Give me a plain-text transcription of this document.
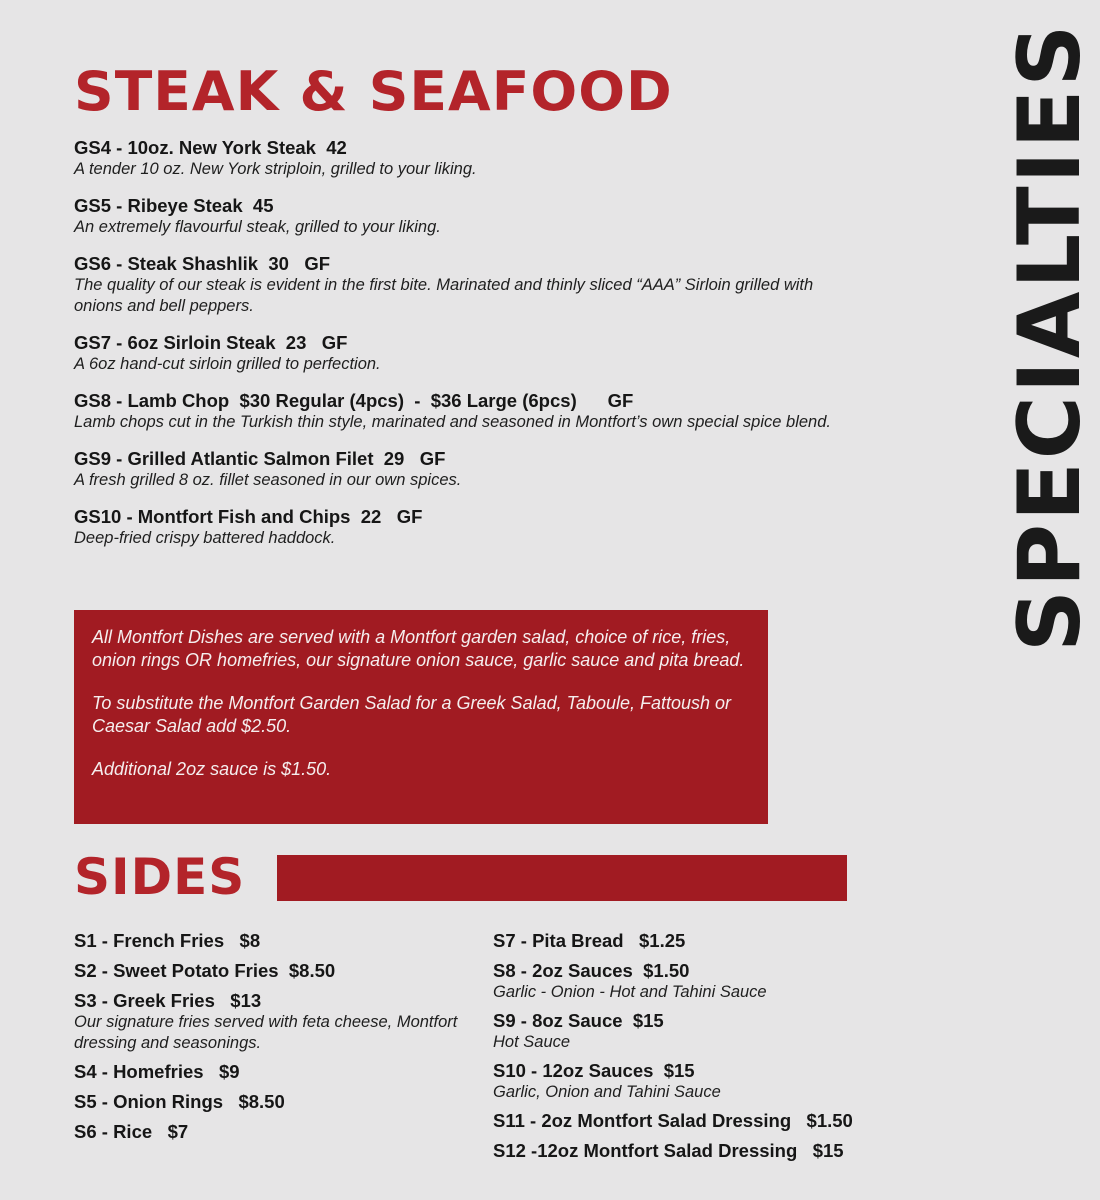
STEAK & SEAFOOD
GS4 - 10oz. New York Steak  42
A tender 10 oz. New York striploin, grilled to your liking.
GS5 - Ribeye Steak  45
An extremely flavourful steak, grilled to your liking.
GS6 - Steak Shashlik  30   GF
The quality of our steak is evident in the first bite. Marinated and thinly sliced “AAA” Sirloin grilled with onions and bell peppers.
GS7 - 6oz Sirloin Steak  23   GF
A 6oz hand-cut sirloin grilled to perfection.
GS8 - Lamb Chop  $30 Regular (4pcs)  -  $36 Large (6pcs)      GF
Lamb chops cut in the Turkish thin style, marinated and seasoned in Montfort’s own special spice blend.
GS9 - Grilled Atlantic Salmon Filet  29   GF
A fresh grilled 8 oz. fillet seasoned in our own spices.
GS10 - Montfort Fish and Chips  22   GF
Deep-fried crispy battered haddock.

All Montfort Dishes are served with a Montfort garden salad, choice of rice, fries, onion rings OR homefries, our signature onion sauce, garlic sauce and pita bread.

To substitute the Montfort Garden Salad for a Greek Salad, Taboule, Fattoush or Caesar Salad add $2.50.

Additional 2oz sauce is $1.50.

SIDES
S1 - French Fries   $8
S2 - Sweet Potato Fries  $8.50
S3 - Greek Fries   $13
Our signature fries served with feta cheese, Montfort dressing and seasonings.
S4 - Homefries   $9
S5 - Onion Rings   $8.50
S6 - Rice   $7
S7 - Pita Bread   $1.25
S8 - 2oz Sauces  $1.50
Garlic - Onion - Hot and Tahini Sauce
S9 - 8oz Sauce  $15
Hot Sauce
S10 - 12oz Sauces  $15
Garlic, Onion and Tahini Sauce
S11 - 2oz Montfort Salad Dressing   $1.50
S12 -12oz Montfort Salad Dressing   $15
SPECIALTIES
